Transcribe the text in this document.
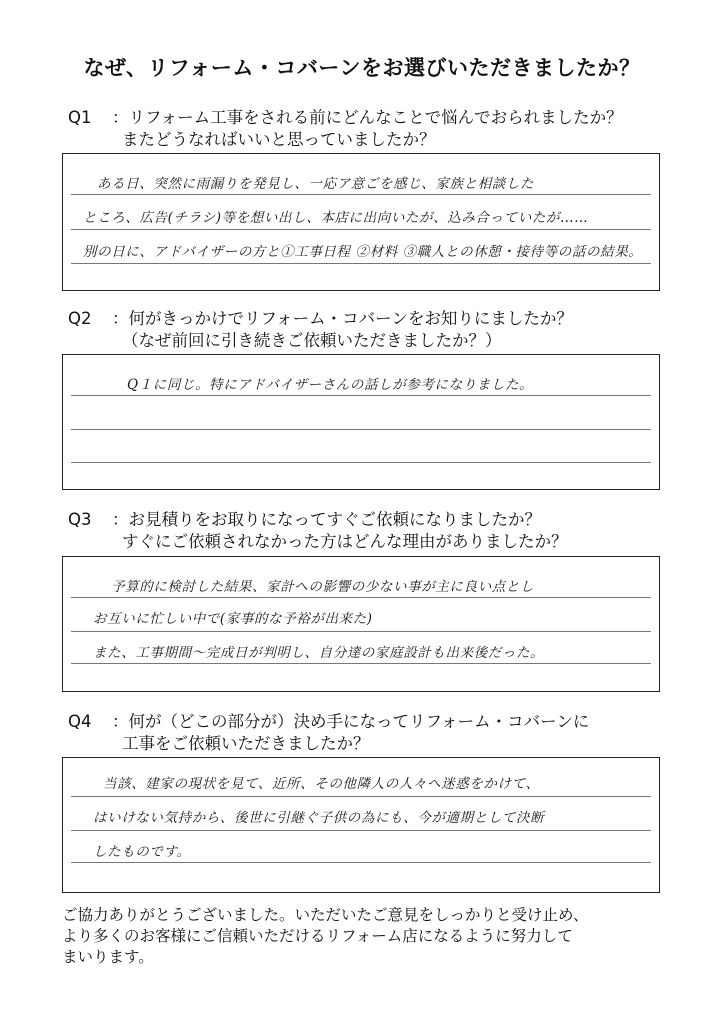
なぜ、リフォーム・コバーンをお選びいただきましたか？
Q1 ：リフォーム工事をされる前にどんなことで悩んでおられましたか？
またどうなればいいと思っていましたか？
ある日、突然に雨漏りを発見し、一応ア意ごを感じ、家族と相談した
ところ、広告(チラシ)等を想い出し、本店に出向いたが、込み合っていたが……
別の日に、アドバイザーの方と①工事日程 ②材料 ③職人との休憩・接待等の話の結果。
Q2 ：何がきっかけでリフォーム・コバーンをお知りにましたか？
（なぜ前回に引き続きご依頼いただきましたか？）
Q１に同じ。特にアドバイザーさんの話しが参考になりました。
Q3 ：お見積りをお取りになってすぐご依頼になりましたか？
すぐにご依頼されなかった方はどんな理由がありましたか？
予算的に検討した結果、家計への影響の少ない事が主に良い点とし
お互いに忙しい中で(家事的な予裕が出来た)
また、工事期間～完成日が判明し、自分達の家庭設計も出来後だった。
Q4 ：何が（どこの部分が）決め手になってリフォーム・コバーンに
工事をご依頼いただきましたか？
当該、建家の現状を見て、近所、その他隣人の人々へ迷惑をかけて、
はいけない気持から、後世に引継ぐ子供の為にも、今が適期として決断
したものです。
ご協力ありがとうございました。いただいたご意見をしっかりと受け止め、
より多くのお客様にご信頼いただけるリフォーム店になるように努力して
まいります。
